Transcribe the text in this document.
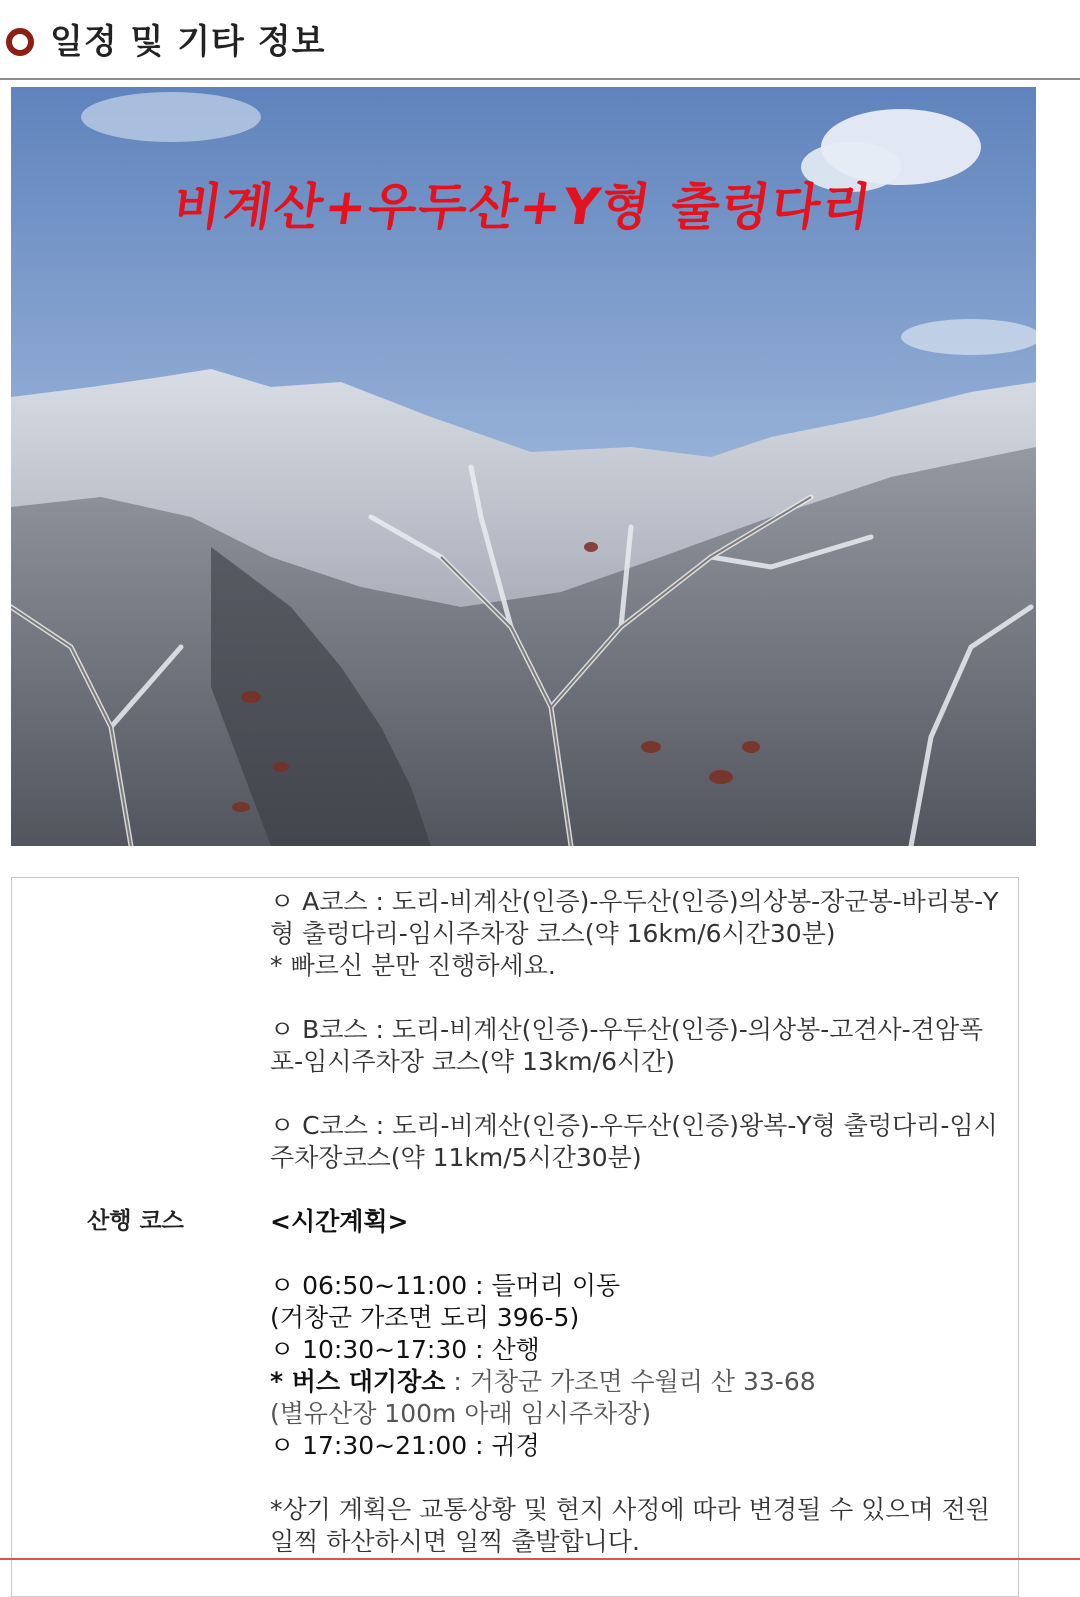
일정 및 기타 정보
비계산+우두산+Y형 출렁다리
산행 코스

ㅇ A코스 : 도리-비계산(인증)-우두산(인증)의상봉-장군봉-바리봉-Y형 출렁다리-임시주차장 코스(약 16km/6시간30분)
* 빠르신 분만 진행하세요.

ㅇ B코스 : 도리-비계산(인증)-우두산(인증)-의상봉-고견사-견암폭포-임시주차장 코스(약 13km/6시간)

ㅇ C코스 : 도리-비계산(인증)-우두산(인증)왕복-Y형 출렁다리-임시주차장코스(약 11km/5시간30분)

<시간계획>

ㅇ 06:50~11:00 : 들머리 이동

(거창군 가조면 도리 396-5)

ㅇ 10:30~17:30 : 산행

* 버스 대기장소 : 거창군 가조면 수월리 산 33-68

(별유산장 100m 아래 임시주차장)

ㅇ 17:30~21:00 : 귀경

*상기 계획은 교통상황 및 현지 사정에 따라 변경될 수 있으며 전원 일찍 하산하시면 일찍 출발합니다.
